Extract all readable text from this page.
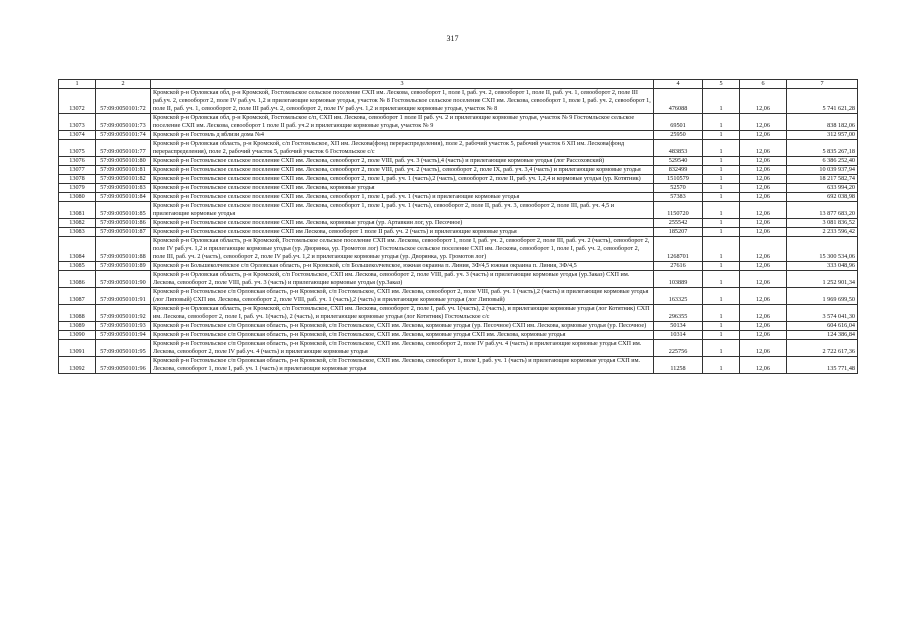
317
1	2	3	4	5	6	7
13072	57:09:0050101:72	Кромской р-н Орловская обл, р-н Кромской, Гостомльское сельское поселение СХП им. Лескова, севооборот 1, поле I, раб. уч. 2, севооборот 1, поле II, раб. уч. 1, севооборот 2, поле III раб.уч. 2, севооборот 2, поле IV раб.уч. 1,2 и прилегающие кормовые угодья, участок № 8 Гостомльское сельское поселение СХП им. Лескова, севооборот 1, поле I, раб. уч. 2, севооборот 1, поле II, раб. уч. 1, севооборот 2, поле III раб.уч. 2, севооборот 2, поле IV раб.уч. 1,2 и прилегающие кормовые угодья, участок № 8	476088	1	12,06	5 741 621,28
13073	57:09:0050101:73	Кромской р-н Орловская обл, р-н Кромской, Гостомльское с/п, СХП им. Лескова, севооборот 1 поле II раб. уч. 2 и прилегающие кормовые угодья, участок № 9 Гостомльское сельское поселение СХП им. Лескова, севооборот 1 поле II раб. уч.2 и прилегающие кормовые угодья, участок № 9	69501	1	12,06	838 182,06
13074	57:09:0050101:74	Кромской р-н Гостомль д вблизи дома №4	25950	1	12,06	312 957,00
13075	57:09:0050101:77	Кромской р-н Орловская область, р-н Кромской, с/п Гостомльское, ХП им. Лескова(фонд перераспределения), поле 2, рабочий участок 5, рабочий участок 6 ХП им. Лескова(фонд перераспределения), поле 2, рабочий участок 5, рабочий участок 6 Гостомльское с/с	483853	1	12,06	5 835 267,18
13076	57:09:0050101:80	Кромской р-н Гостомльское сельское поселение СХП им. Лескова, севооборот 2, поле VIII, раб. уч. 3 (часть),4 (часть) и прилегающие кормовые угодья (лог Рассоховский)	529540	1	12,06	6 386 252,40
13077	57:09:0050101:81	Кромской р-н Гостомльское сельское поселение СХП им. Лескова, севооборот 2, поле VIII, раб. уч. 2 (часть), севооборот 2, поле IX, раб. уч. 3,4 (часть) и прилегающие кормовые угодья	832499	1	12,06	10 039 937,94
13078	57:09:0050101:82	Кромской р-н Гостомльское сельское поселение СХП им. Лескова, севооборот 2, поле I, раб. уч. 1 (часть),2 (часть), севооборот 2, поле II, раб. уч. 1,2,4 и кормовые угодья (ур. Котятник)	1510579	1	12,06	18 217 582,74
13079	57:09:0050101:83	Кромской р-н Гостомльское сельское поселение СХП им. Лескова, кормовые угодья	52570	1	12,06	633 994,20
13080	57:09:0050101:84	Кромской р-н Гостомльское сельское поселение СХП им. Лескова, севооборот 1, поле I, раб. уч. 1 (часть) и прилегающие кормовые угодья	57383	1	12,06	692 038,98
13081	57:09:0050101:85	Кромской р-н Гостомльское сельское поселение СХП им. Лескова, севооборот 1, поле I, раб. уч. 1 (часть), севооборот 2, поле II, раб. уч. 3, севооборот 2, поле III, раб. уч. 4,5 и прилегающие кормовые угодья	1150720	1	12,06	13 877 683,20
13082	57:09:0050101:86	Кромской р-н Гостомльское сельское поселение СХП им. Лескова, кормовые угодья (ур. Артавкин лог, ур. Песочное)	255542	1	12,06	3 081 836,52
13083	57:09:0050101:87	Кромской р-н Гостомльское сельское поселение СХП им Лескова, севооборот 1 поле II раб. уч. 2 (часть) и прилегающие кормовые угодья	185207	1	12,06	2 233 596,42
13084	57:09:0050101:88	Кромской р-н Орловская область, р-н Кромской, Гостомльское сельское поселение СХП им. Лескова, севооборот 1, поле I, раб. уч. 2, севооборот 2, поле III, раб. уч. 2 (часть), севооборот 2, поле IV раб.уч. 1,2 и прилегающие кормовые угодья (ур. Дворянка, ур. Громотов лог) Гостомльское сельское поселение СХП им. Лескова, севооборот 1, поле I, раб. уч. 2, севооборот 2, поле III, раб. уч. 2 (часть), севооборот 2, поле IV раб.уч. 1,2 и прилегающие кормовые угодья (ур. Дворянка, ур. Громотов лог)	1268701	1	12,06	15 300 534,06
13085	57:09:0050101:89	Кромской р-н Большеколчевское с/п Орловская область, р-н Кромской, с/п Большеколчевское, южная окраина п. Линия, 3Ф/4,5 южная окраина п. Линия, 3Ф/4,5	27616	1	12,06	333 048,96
13086	57:09:0050101:90	Кромской р-н Орловская область, р-н Кромской, с/п Гостомльское, СХП им. Лескова, севооборот 2, поле VIII, раб. уч. 3 (часть) и прилегающие кормовые угодья (ур.Заказ) СХП им. Лескова, севооборот 2, поле VIII, раб. уч. 3 (часть) и прилегающие кормовые угодья (ур.Заказ)	103889	1	12,06	1 252 901,34
13087	57:09:0050101:91	Кромской р-н Гостомльское с/п Орловская область, р-н Кромской, с/п Гостомльское, СХП им. Лескова, севооборот 2, поле VIII, раб. уч. 1 (часть),2 (часть) и прилегающие кормовые угодья (лог Липовый) СХП им. Лескова, севооборот 2, поле VIII, раб. уч. 1 (часть),2 (часть) и прилегающие кормовые угодья (лог Липовый)	163325	1	12,06	1 969 699,50
13088	57:09:0050101:92	Кромской р-н Орловская область, р-н Кромской, с/п Гостомльское, СХП им. Лескова, севооборот 2, поле I, раб. уч. 1(часть), 2 (часть), и прилегающие кормовые угодья (лог Котятник) СХП им. Лескова, севооборот 2, поле I, раб. уч. 1(часть), 2 (часть), и прилегающие кормовые угодья (лог Котятник) Гостомльское с/с	296355	1	12,06	3 574 041,30
13089	57:09:0050101:93	Кромской р-н Гостомльское с/п Орловская область, р-н Кромской, с/п Гостомльское, СХП им. Лескова, кормовые угодья (ур. Песочное) СХП им. Лескова, кормовые угодья (ур. Песочное)	50134	1	12,06	604 616,04
13090	57:09:0050101:94	Кромской р-н Гостомльское с/п Орловская область, р-н Кромской, с/п Гостомльское, СХП им. Лескова, кормовые угодья СХП им. Лескова, кормовые угодья	10314	1	12,06	124 386,84
13091	57:09:0050101:95	Кромской р-н Гостомльское с/п Орловская область, р-н Кромской, с/п Гостомльское, СХП им. Лескова, севооборот 2, поле IV раб.уч. 4 (часть) и прилегающие кормовые угодья СХП им. Лескова, севооборот 2, поле IV раб.уч. 4 (часть) и прилегающие кормовые угодья	225756	1	12,06	2 722 617,36
13092	57:09:0050101:96	Кромской р-н Гостомльское с/п Орловская область, р-н Кромской, с/п Гостомльское, СХП им. Лескова, севооборот 1, поле I, раб. уч. 1 (часть) и прилегающие кормовые угодья СХП им. Лескова, севооборот 1, поле I, раб. уч. 1 (часть) и прилегающие кормовые угодья	11258	1	12,06	135 771,48
